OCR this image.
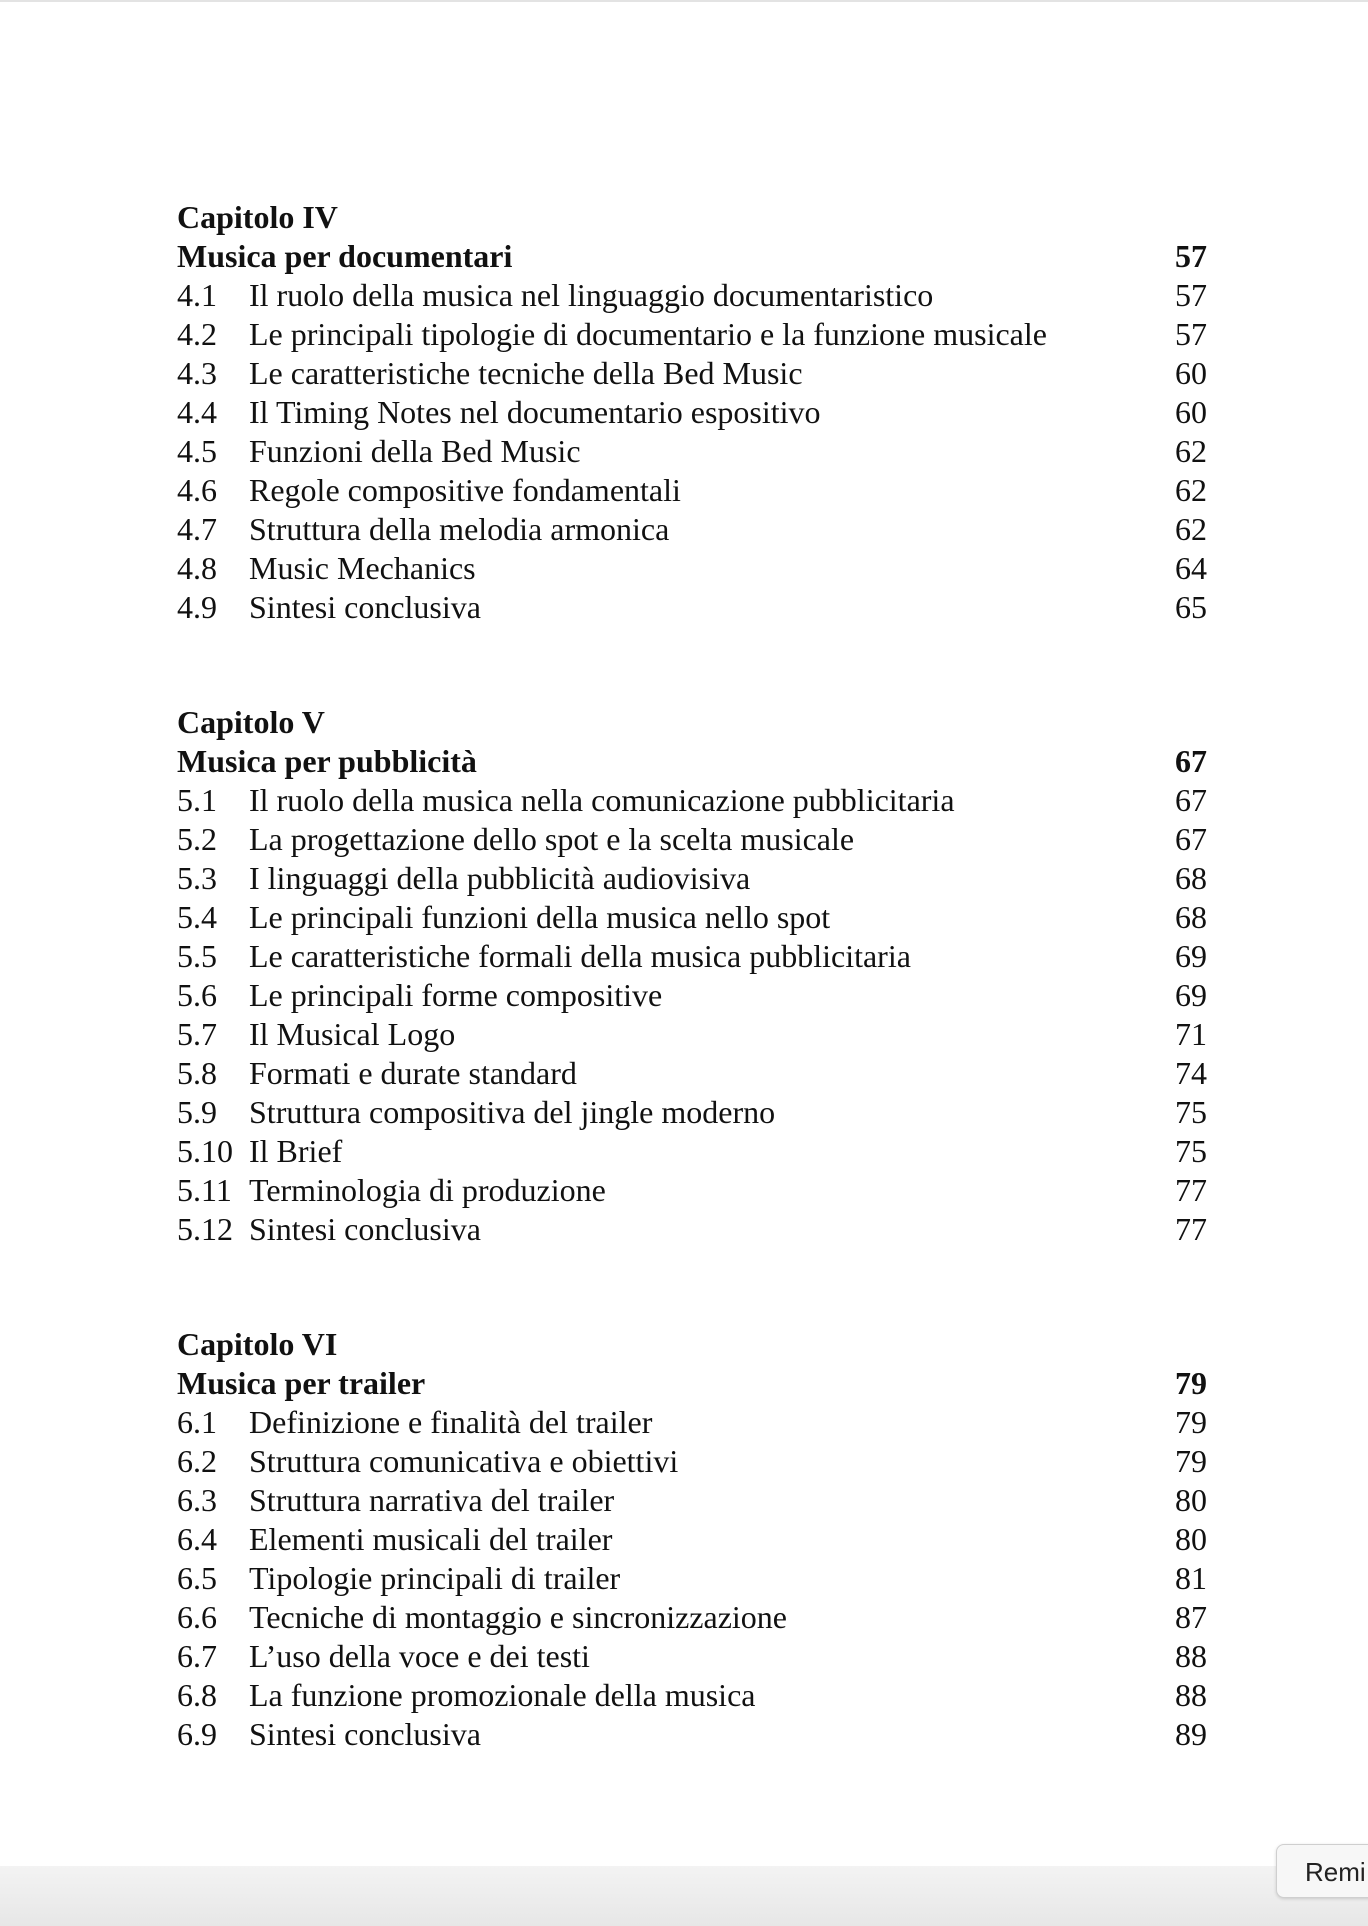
Capitolo IV
Musica per documentari	57
4.1	Il ruolo della musica nel linguaggio documentaristico	57
4.2	Le principali tipologie di documentario e la funzione musicale	57
4.3	Le caratteristiche tecniche della Bed Music	60
4.4	Il Timing Notes nel documentario espositivo	60
4.5	Funzioni della Bed Music	62
4.6	Regole compositive fondamentali	62
4.7	Struttura della melodia armonica	62
4.8	Music Mechanics	64
4.9	Sintesi conclusiva	65
Capitolo V
Musica per pubblicità	67
5.1	Il ruolo della musica nella comunicazione pubblicitaria	67
5.2	La progettazione dello spot e la scelta musicale	67
5.3	I linguaggi della pubblicità audiovisiva	68
5.4	Le principali funzioni della musica nello spot	68
5.5	Le caratteristiche formali della musica pubblicitaria	69
5.6	Le principali forme compositive	69
5.7	Il Musical Logo	71
5.8	Formati e durate standard	74
5.9	Struttura compositiva del jingle moderno	75
5.10 Il Brief	75
5.11 Terminologia di produzione	77
5.12 Sintesi conclusiva	77
Capitolo VI
Musica per trailer	79
6.1	Definizione e finalità del trailer	79
6.2	Struttura comunicativa e obiettivi	79
6.3	Struttura narrativa del trailer	80
6.4	Elementi musicali del trailer	80
6.5	Tipologie principali di trailer	81
6.6	Tecniche di montaggio e sincronizzazione	87
6.7	L’uso della voce e dei testi	88
6.8	La funzione promozionale della musica	88
6.9	Sintesi conclusiva	89
Remi
